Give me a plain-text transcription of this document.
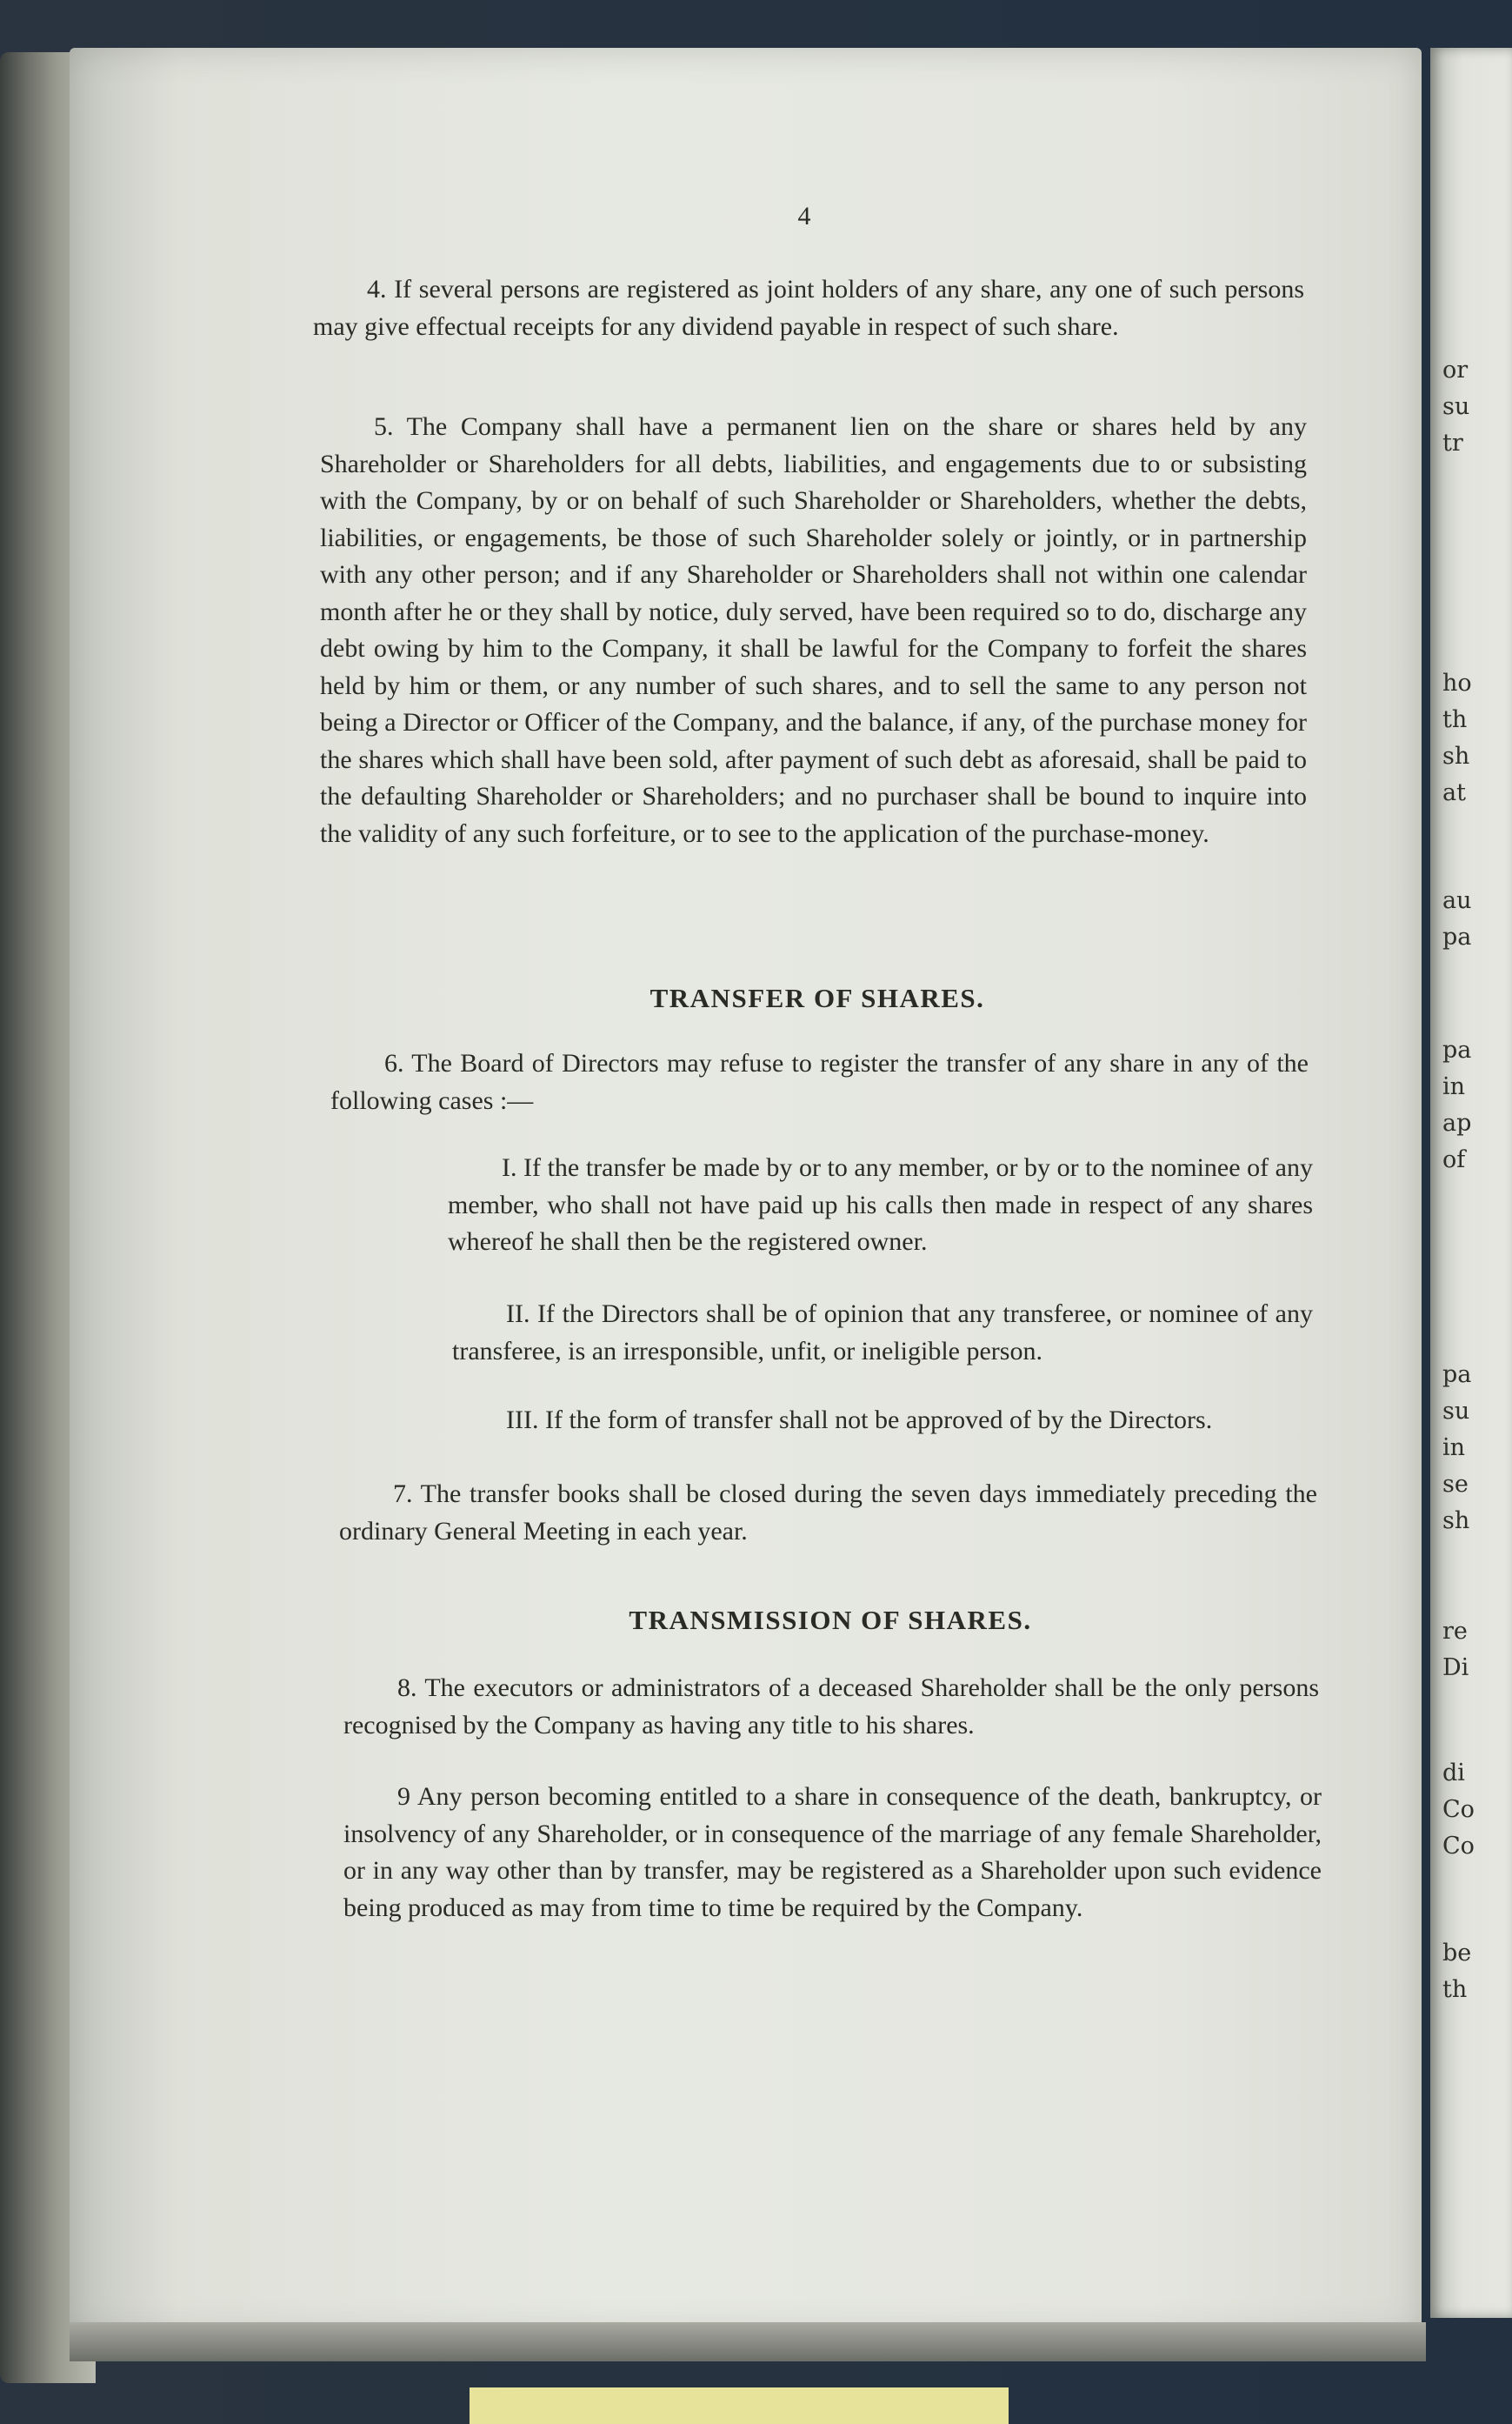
or
su
tr
ho
th
sh
at
au
pa
pa
in
ap
of
pa
su
in
se
sh
re
Di
di
Co
Co
be
th
4

4. If several persons are registered as joint holders of any share, any one of such persons may give effectual receipts for any dividend payable in respect of such share.

5. The Company shall have a permanent lien on the share or shares held by any Shareholder or Shareholders for all debts, liabilities, and engagements due to or subsisting with the Company, by or on behalf of such Shareholder or Shareholders, whether the debts, liabilities, or engagements, be those of such Shareholder solely or jointly, or in partnership with any other person; and if any Shareholder or Shareholders shall not within one calendar month after he or they shall by notice, duly served, have been required so to do, discharge any debt owing by him to the Company, it shall be lawful for the Company to forfeit the shares held by him or them, or any number of such shares, and to sell the same to any person not being a Director or Officer of the Company, and the balance, if any, of the purchase money for the shares which shall have been sold, after payment of such debt as aforesaid, shall be paid to the defaulting Shareholder or Shareholders; and no purchaser shall be bound to inquire into the validity of any such forfeiture, or to see to the application of the purchase-money.

TRANSFER OF SHARES.

6. The Board of Directors may refuse to register the transfer of any share in any of the following cases :—

I. If the transfer be made by or to any member, or by or to the nominee of any member, who shall not have paid up his calls then made in respect of any shares whereof he shall then be the registered owner.

II. If the Directors shall be of opinion that any transferee, or nominee of any transferee, is an irresponsible, unfit, or ineligible person.

III. If the form of transfer shall not be approved of by the Directors.

7. The transfer books shall be closed during the seven days immediately preceding the ordinary General Meeting in each year.

TRANSMISSION OF SHARES.

8. The executors or administrators of a deceased Shareholder shall be the only persons recognised by the Company as having any title to his shares.

9 Any person becoming entitled to a share in consequence of the death, bankruptcy, or insolvency of any Shareholder, or in consequence of the marriage of any female Shareholder, or in any way other than by transfer, may be registered as a Shareholder upon such evidence being produced as may from time to time be required by the Company.
